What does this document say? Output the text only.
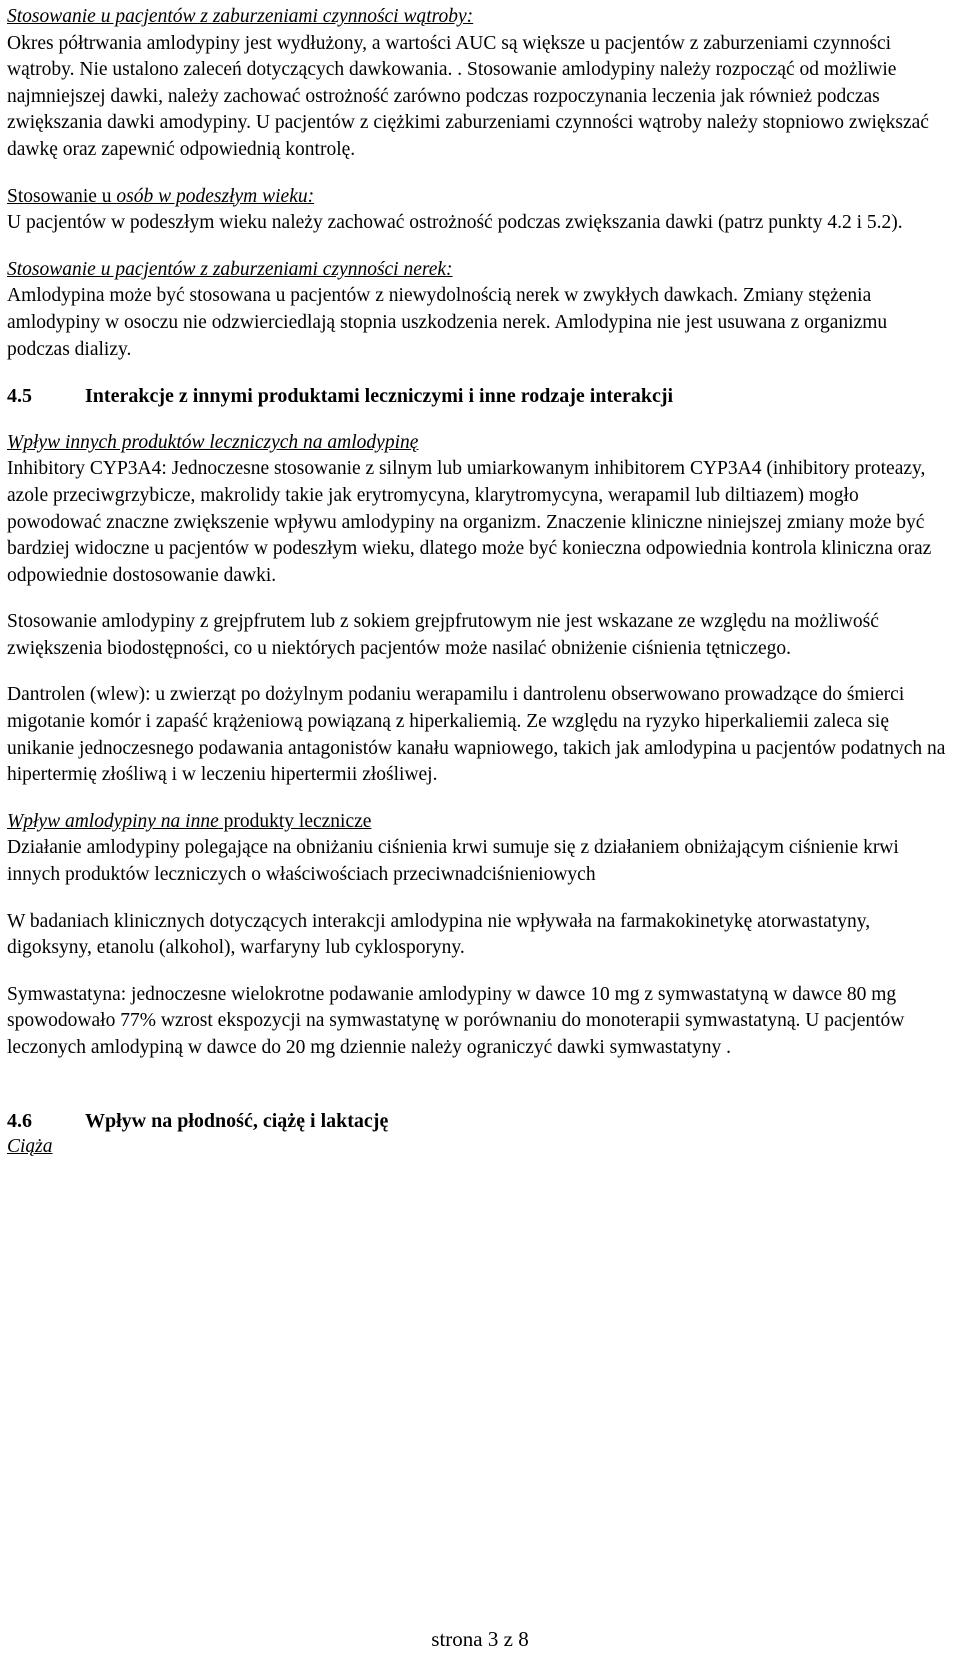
Stosowanie u pacjentów z zaburzeniami czynności wątroby:

Okres półtrwania amlodypiny jest wydłużony, a wartości AUC są większe u pacjentów z zaburzeniami czynności wątroby. Nie ustalono zaleceń dotyczących dawkowania. . Stosowanie amlodypiny należy rozpocząć od możliwie najmniejszej dawki, należy zachować ostrożność zarówno podczas rozpoczynania leczenia jak również podczas zwiększania dawki amodypiny. U pacjentów z ciężkimi zaburzeniami czynności wątroby należy stopniowo zwiększać dawkę oraz zapewnić odpowiednią kontrolę.

Stosowanie u osób w podeszłym wieku:

U pacjentów w podeszłym wieku należy zachować ostrożność podczas zwiększania dawki (patrz punkty 4.2 i 5.2).

Stosowanie u pacjentów z zaburzeniami czynności nerek:

Amlodypina może być stosowana u pacjentów z niewydolnością nerek w zwykłych dawkach. Zmiany stężenia amlodypiny w osoczu nie odzwierciedlają stopnia uszkodzenia nerek. Amlodypina nie jest usuwana z organizmu podczas dializy.

4.5	Interakcje z innymi produktami leczniczymi i inne rodzaje interakcji

Wpływ innych produktów leczniczych na amlodypinę

Inhibitory CYP3A4: Jednoczesne stosowanie z silnym lub umiarkowanym inhibitorem CYP3A4 (inhibitory proteazy, azole przeciwgrzybicze, makrolidy takie jak erytromycyna, klarytromycyna, werapamil lub diltiazem) mogło powodować znaczne zwiększenie wpływu amlodypiny na organizm. Znaczenie kliniczne niniejszej zmiany może być bardziej widoczne u pacjentów w podeszłym wieku, dlatego może być konieczna odpowiednia kontrola kliniczna oraz odpowiednie dostosowanie dawki.

Stosowanie amlodypiny z grejpfrutem lub z sokiem grejpfrutowym nie jest wskazane ze względu na możliwość zwiększenia biodostępności, co u niektórych pacjentów może nasilać obniżenie ciśnienia tętniczego.

Dantrolen (wlew): u zwierząt po dożylnym podaniu werapamilu i dantrolenu obserwowano prowadzące do śmierci migotanie komór i zapaść krążeniową powiązaną z hiperkaliemią. Ze względu na ryzyko hiperkaliemii zaleca się unikanie jednoczesnego podawania antagonistów kanału wapniowego, takich jak amlodypina u pacjentów podatnych na hipertermię złośliwą i w leczeniu hipertermii złośliwej.

Wpływ amlodypiny na inne produkty lecznicze

Działanie amlodypiny polegające na obniżaniu ciśnienia krwi sumuje się z działaniem obniżającym ciśnienie krwi innych produktów leczniczych o właściwościach przeciwnadciśnieniowych

W badaniach klinicznych dotyczących interakcji amlodypina nie wpływała na farmakokinetykę atorwastatyny, digoksyny, etanolu (alkohol), warfaryny lub cyklosporyny.

Symwastatyna: jednoczesne wielokrotne podawanie amlodypiny w dawce 10 mg z symwastatyną w dawce 80 mg spowodowało 77% wzrost ekspozycji na symwastatynę w porównaniu do monoterapii symwastatyną. U pacjentów leczonych amlodypiną w dawce do 20 mg dziennie należy ograniczyć dawki symwastatyny .

4.6	Wpływ na płodność, ciążę i laktację

Ciąża

strona 3 z 8
